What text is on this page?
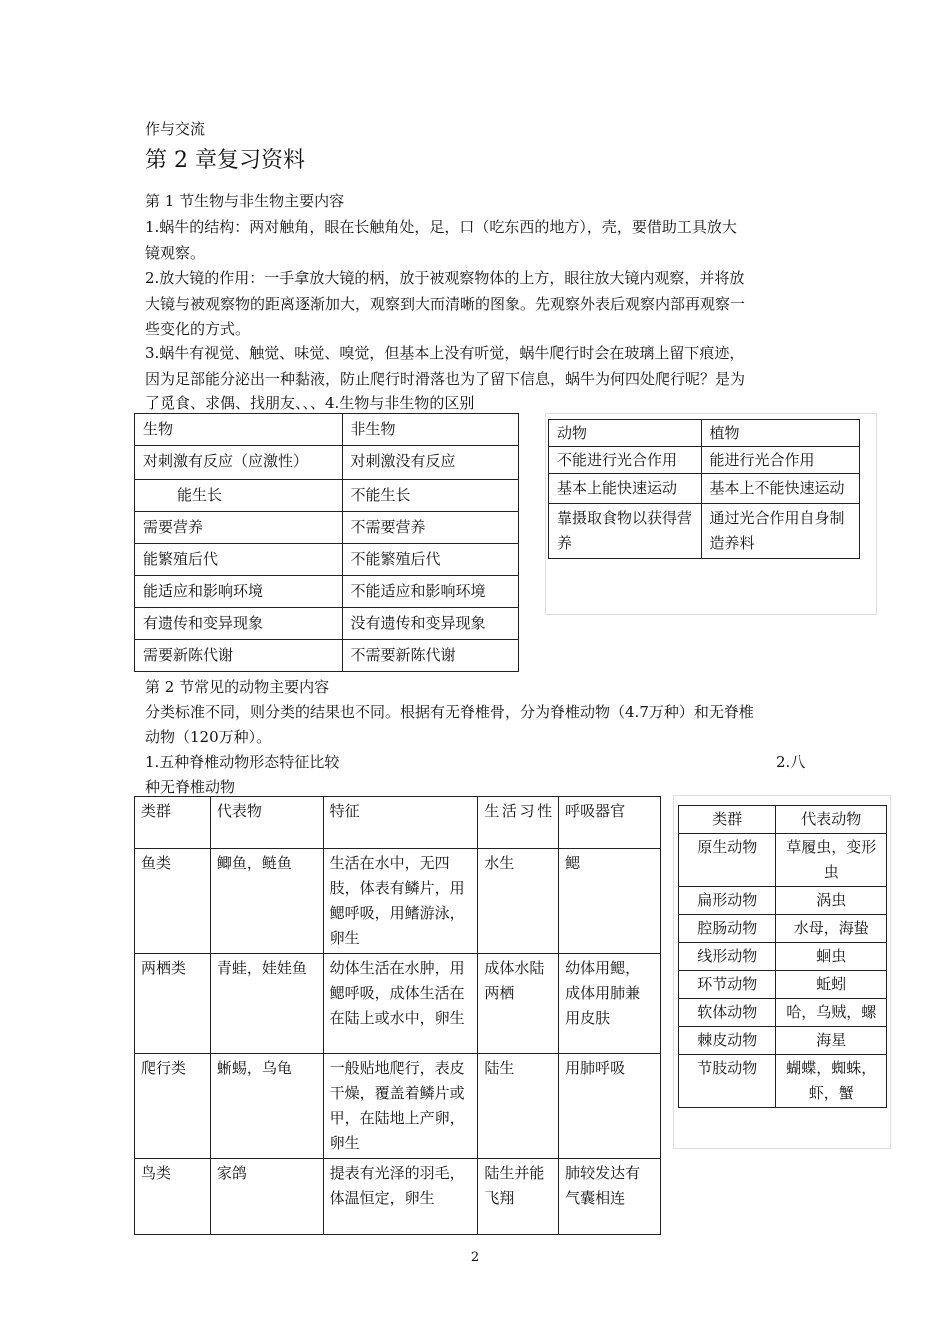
作与交流
第 2 章复习资料
第 1 节生物与非生物主要内容
1.蜗牛的结构：两对触角，眼在长触角处，足，口（吃东西的地方），壳，要借助工具放大
镜观察。
2.放大镜的作用：一手拿放大镜的柄，放于被观察物体的上方，眼往放大镜内观察，并将放
大镜与被观察物的距离逐渐加大，观察到大而清晰的图象。先观察外表后观察内部再观察一
些变化的方式。
3.蜗牛有视觉、触觉、味觉、嗅觉，但基本上没有听觉，蜗牛爬行时会在玻璃上留下痕迹，
因为足部能分泌出一种黏液，防止爬行时滑落也为了留下信息，蜗牛为何四处爬行呢？是为
了觅食、求偶、找朋友、、、4.生物与非生物的区别
生物	非生物
对刺激有反应（应激性）	对刺激没有反应
能生长	不能生长
需要营养	不需要营养
能繁殖后代	不能繁殖后代
能适应和影响环境	不能适应和影响环境
有遗传和变异现象	没有遗传和变异现象
需要新陈代谢	不需要新陈代谢
动物	植物
不能进行光合作用	能进行光合作用
基本上能快速运动	基本上不能快速运动
靠摄取食物以获得营养	通过光合作用自身制造养料
第 2 节常见的动物主要内容
分类标准不同，则分类的结果也不同。根据有无脊椎骨，分为脊椎动物（4.7万种）和无脊椎
动物（120万种）。
1.五种脊椎动物形态特征比较	2.八
种无脊椎动物
类群	代表物	特征	生活习性	呼吸器官
鱼类	鲫鱼，鲢鱼	生活在水中，无四肢，体表有鳞片，用鳃呼吸，用鳍游泳，卵生	水生	鳃
两栖类	青蛙，娃娃鱼	幼体生活在水肿，用鳃呼吸，成体生活在在陆上或水中，卵生	成体水陆两栖	幼体用鳃，成体用肺兼用皮肤
爬行类	蜥蜴，乌龟	一般贴地爬行，表皮干燥，覆盖着鳞片或甲，在陆地上产卵，卵生	陆生	用肺呼吸
鸟类	家鸽	提表有光泽的羽毛，体温恒定，卵生	陆生并能飞翔	肺较发达有气囊相连
类群	代表动物
原生动物	草履虫，变形虫
扁形动物	涡虫
腔肠动物	水母，海蛰
线形动物	蛔虫
环节动物	蚯蚓
软体动物	哈，乌贼，螺
棘皮动物	海星
节肢动物	蝴蝶，蜘蛛，虾，蟹
2
